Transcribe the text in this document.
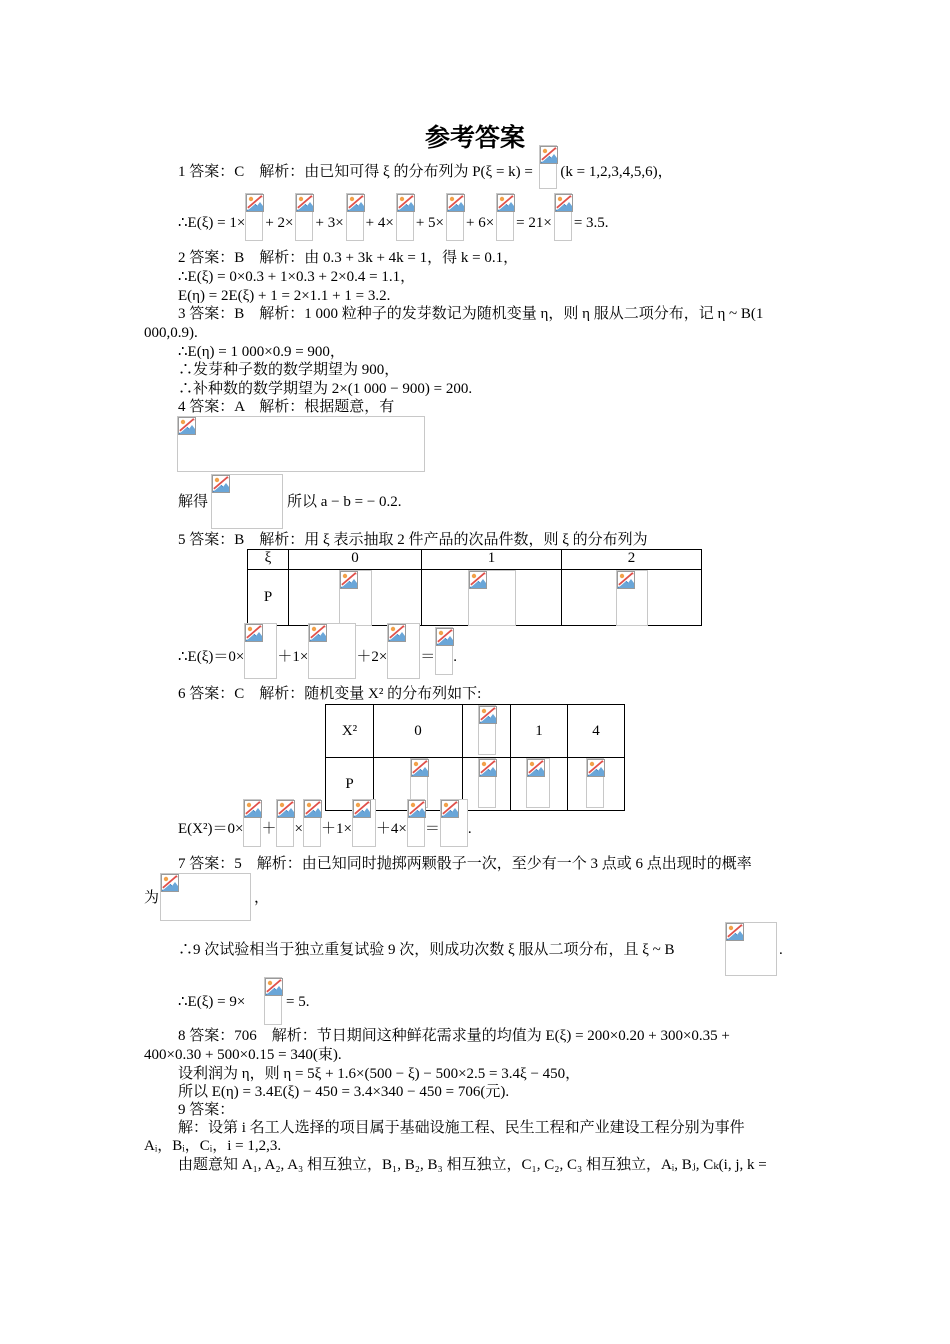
参考答案
1 答案：C　解析：由已知可得 ξ 的分布列为 P(ξ = k) = (k = 1,2,3,4,5,6)，
∴E(ξ) = 1× + 2× + 3× + 4× + 5× + 6× = 21× = 3.5.
2 答案：B　解析：由 0.3 + 3k + 4k = 1，得 k = 0.1，
∴E(ξ) = 0×0.3 + 1×0.3 + 2×0.4 = 1.1，
E(η) = 2E(ξ) + 1 = 2×1.1 + 1 = 3.2.
3 答案：B　解析：1 000 粒种子的发芽数记为随机变量 η，则 η 服从二项分布，记 η ~ B(1
000,0.9).
∴E(η) = 1 000×0.9 = 900，
∴发芽种子数的数学期望为 900，
∴补种数的数学期望为 2×(1 000 − 900) = 200.
4 答案：A　解析：根据题意，有
解得	所以 a − b = − 0.2.
5 答案：B　解析：用 ξ 表示抽取 2 件产品的次品件数，则 ξ 的分布列为
ξ	0	1	2
P	

∴E(ξ)＝0× ＋1×	＋2× ＝ .
6 答案：C　解析：随机变量 X² 的分布列如下:
X²	0		1	4
P	

E(X²)＝0× ＋ × ＋1× ＋4× ＝ .
7 答案：5　解析：由已知同时抛掷两颗骰子一次，至少有一个 3 点或 6 点出现时的概率
为	，
∴9 次试验相当于独立重复试验 9 次，则成功次数 ξ 服从二项分布，且 ξ ~ B	.
∴E(ξ) = 9×	= 5.
8 答案：706　解析：节日期间这种鲜花需求量的均值为 E(ξ) = 200×0.20 + 300×0.35 +
400×0.30 + 500×0.15 = 340(束).
设利润为 η，则 η = 5ξ + 1.6×(500 − ξ) − 500×2.5 = 3.4ξ − 450，
所以 E(η) = 3.4E(ξ) − 450 = 3.4×340 − 450 = 706(元).
9 答案：
解：设第 i 名工人选择的项目属于基础设施工程、民生工程和产业建设工程分别为事件
Aᵢ，Bᵢ，Cᵢ，i = 1,2,3.
由题意知 A₁, A₂, A₃ 相互独立，B₁, B₂, B₃ 相互独立，C₁, C₂, C₃ 相互独立，Aᵢ, Bⱼ, Cₖ(i, j, k =
